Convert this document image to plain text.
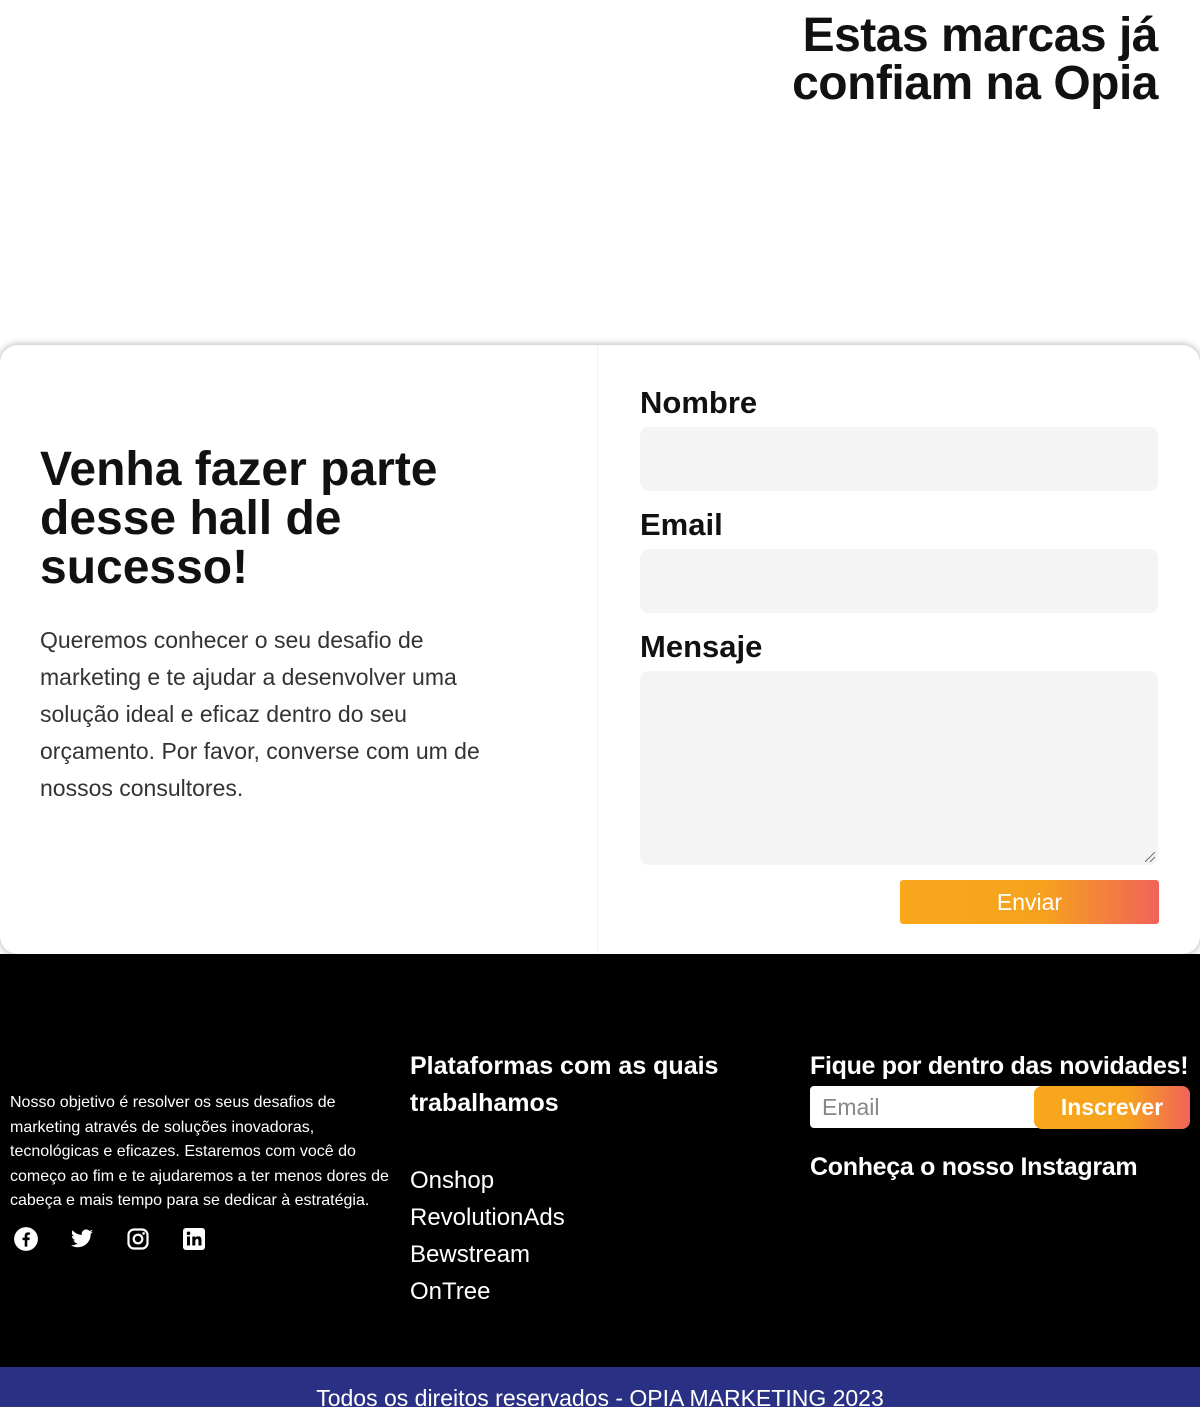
Estas marcas já
confiam na Opia
Venha fazer parte desse hall de sucesso!

Queremos conhecer o seu desafio de marketing e te ajudar a desenvolver uma solução ideal e eficaz dentro do seu orçamento. Por favor, converse com um de nossos consultores.

Nombre
Email
Mensaje
Enviar

Nosso objetivo é resolver os seus desafios de marketing através de soluções inovadoras, tecnológicas e eficazes. Estaremos com você do começo ao fim e te ajudaremos a ter menos dores de cabeça e mais tempo para se dedicar à estratégia.

Plataformas com as quais trabalhamos
Onshop
RevolutionAds
Bewstream
OnTree
Fique por dentro das novidades!
Email
Inscrever
Conheça o nosso Instagram
Todos os direitos reservados - OPIA MARKETING 2023
